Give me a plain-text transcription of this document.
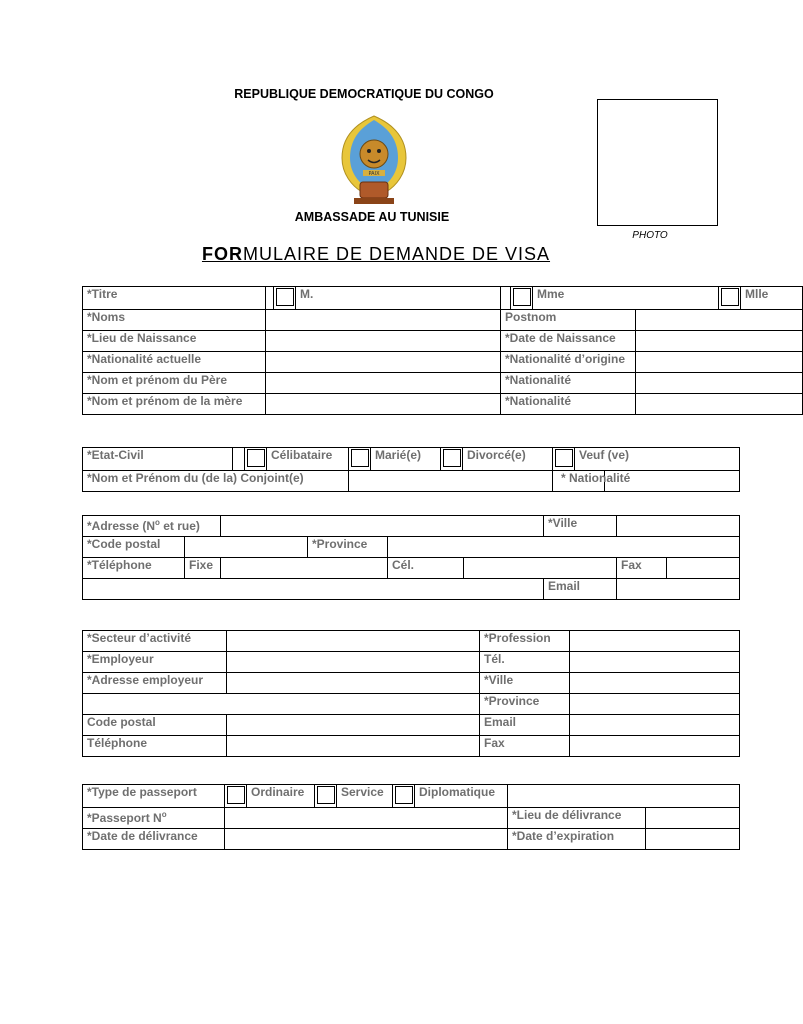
REPUBLIQUE DEMOCRATIQUE DU CONGO
PAIX
AMBASSADE AU TUNISIE
PHOTO
FORMULAIRE DE DEMANDE DE VISA
*Titre			M.			Mme			Mlle
*Noms				Postnom					
*Lieu de Naissance				*Date de Naissance					
*Nationalité actuelle				*Nationalité d’origine					
*Nom et prénom du Père				*Nationalité					
*Nom et prénom de la mère				*Nationalité					
*Etat-Civil			Célibataire		Marié(e)		Divorcé(e)		Veuf (ve)	
*Nom et Prénom du (de la) Conjoint(e)								* Nationalité		
*Adresse ($N^o$ et rue)						*Ville		
*Code postal			*Province					
*Téléphone	Fixe			Cél.			Fax	
						Email		
*Secteur d’activité		*Profession	
*Employeur		Tél.	
*Adresse employeur		*Ville	
		*Province	
Code postal		Email	
Téléphone		Fax	
*Type de passeport		Ordinaire		Service		Diplomatique		
*Passeport $N^o$							*Lieu de délivrance	
*Date de délivrance							*Date d’expiration	
